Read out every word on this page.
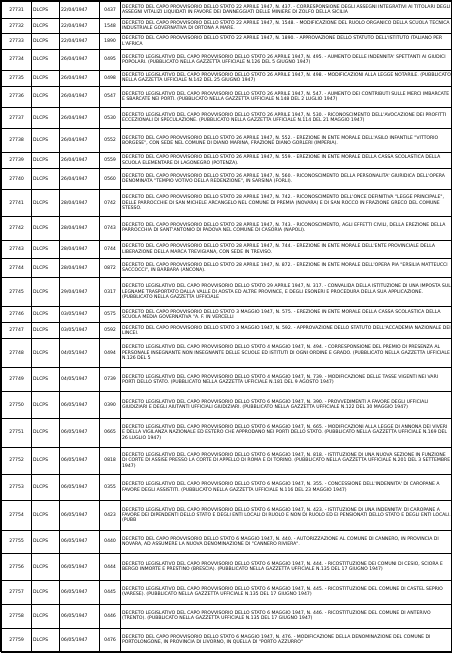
27731	DLCPS	22/04/1947	0437	DECRETO DEL CAPO PROVVISORIO DELLO STATO 22 APRILE 1947, N. 437. - CORRESPONSIONE DEGLI ASSEGNI INTEGRATIVI AI TITOLARI DEGLI ASSEGNI VITALIZI LIQUIDATI IN FAVORE DEI DANNEGGIATI DELLE MINIERE DI ZOLFO DELLA SICILIA
27732	DLCPS	22/04/1947	1548	DECRETO DEL CAPO PROVVISORIO DELLO STATO 22 APRILE 1947, N. 1548. - MODIFICAZIONE DEL RUOLO ORGANICO DELLA SCUOLA TECNICA INDUSTRIALE GOVERNATIVA DI ORTONA A MARE.
27733	DLCPS	22/04/1947	1890	DECRETO DEL CAPO PROVVISORIO DELLO STATO 22 APRILE 1947, N. 1890. - APPROVAZIONE DELLO STATUTO DELL'ISTITUTO ITALIANO PER L'AFRICA
27734	DLCPS	26/04/1947	0495	DECRETO LEGISLATIVO DEL CAPO PROVVISORIO DELLO STATO 26 APRILE 1947, N. 495. - AUMENTO DELLE INDENNITA' SPETTANTI AI GIUDICI POPOLARI. (PUBBLICATO NELLA GAZZETTA UFFICIALE N.126 DEL 5 GIUGNO 1947)
27735	DLCPS	26/04/1947	0498	DECRETO LEGISLATIVO DEL CAPO PROVVISORIO DELLO STATO 26 APRILE 1947, N. 498. - MODIFICAZIONI ALLA LEGGE NOTARILE. (PUBBLICATO NELLA GAZZETTA UFFICIALE N.142 DEL 25 GIUGNO 1947)
27736	DLCPS	26/04/1947	0547	DECRETO LEGISLATIVO DEL CAPO PROVVISORIO DELLO STATO 26 APRILE 1947, N. 547. - AUMENTO DEI CONTRIBUTI SULLE MERCI IMBARCATE E SBARCATE NEI PORTI. (PUBBLICATO NELLA GAZZETTA UFFICIALE N.148 DEL 2 LUGLIO 1947)
27737	DLCPS	26/04/1947	0530	DECRETO LEGISLATIVO DEL CAPO PROVVISORIO DELLO STATO 26 APRILE 1947, N. 530. - RICONOSCIMENTO DELL'AVOCAZIONE DEI PROFITTI ECCEZIONALI DI SPECULAZIONE. (PUBBLICATO NELLA GAZZETTA UFFICIALE N.114 DEL 21 MAGGIO 1947)
27738	DLCPS	26/04/1947	0552	DECRETO DEL CAPO PROVVISORIO DELLO STATO 26 APRILE 1947, N. 552. - EREZIONE IN ENTE MORALE DELL'ASILO INFANTILE "VITTORIO BORGESE", CON SEDE NEL COMUNE DI DIANO MARINA, FRAZIONE DIANO GORLERI (IMPERIA).
27739	DLCPS	26/04/1947	0559	DECRETO DEL CAPO PROVVISORIO DELLO STATO 26 APRILE 1947, N. 559. - EREZIONE IN ENTE MORALE DELLA CASSA SCOLASTICA DELLA SCUOLA ELEMENTARE DI LAGONEGRO (POTENZA).
27740	DLCPS	26/04/1947	0560	DECRETO DEL CAPO PROVVISORIO DELLO STATO 26 APRILE 1947, N. 560. - RICONOSCIMENTO DELLA PERSONALITA' GIURIDICA DELL'OPERA DENOMINATA "TEMPIO VOTIVO DELLA REDENZIONE", IN SARSINA (FORLI).
27741	DLCPS	28/04/1947	0742	DECRETO DEL CAPO PROVVISORIO DELLO STATO 28 APRILE 1947, N. 742. - RICONOSCIMENTO DELL'ONCE DEFINITIVA "LEGGE PRINCIPALE", DELLE PARROCCHIE DI SAN MICHELE ARCANGELO NEL COMUNE DI PREMIA (NOVARA) E DI SAN ROCCO IN FRAZIONE GRECO DEL COMUNE STESSO.
27742	DLCPS	28/04/1947	0743	DECRETO DEL CAPO PROVVISORIO DELLO STATO 28 APRILE 1947, N. 743. - RICONOSCIMENTO, AGLI EFFETTI CIVILI, DELLA EREZIONE DELLA PARROCCHIA DI SANT'ANTONIO DI PADOVA NEL COMUNE DI CASORIA (NAPOLI).
27743	DLCPS	28/04/1947	0744	DECRETO DEL CAPO PROVVISORIO DELLO STATO 28 APRILE 1947, N. 744. - EREZIONE IN ENTE MORALE DELL'ENTE PROVINCIALE DELLA LIBERAZIONE DELLA MARCA TREVIGIANA, CON SEDE IN TREVISO.
27744	DLCPS	28/04/1947	0872	DECRETO DEL CAPO PROVVISORIO DELLO STATO 28 APRILE 1947, N. 872. - EREZIONE IN ENTE MORALE DELL'OPERA PIA "ERSILIA MATTEUCCI SACCOCCI", IN BARBARA (ANCONA).
27745	DLCPS	29/04/1947	0317	DECRETO LEGISLATIVO DEL CAPO PROVVISORIO DELLO STATO 29 APRILE 1947, N. 317. - CONVALIDA DELLA ISTITUZIONE DI UNA IMPOSTA SUL LEGNAME TRASPORTATO DALLA VALLE DI AOSTA ED ALTRE PROVINCE, E DEGLI ESONERI E PROCEDURA DELLA SUA APPLICAZIONE. (PUBBLICATO NELLA GAZZETTA UFFICIALE
27746	DLCPS	03/05/1947	0575	DECRETO DEL CAPO PROVVISORIO DELLO STATO 3 MAGGIO 1947, N. 575. - EREZIONE IN ENTE MORALE DELLA CASSA SCOLASTICA DELLA SCUOLA MEDIA GOVERNATIVA "A. F. IN VERCELLI
27747	DLCPS	03/05/1947	0592	DECRETO DEL CAPO PROVVISORIO DELLO STATO 3 MAGGIO 1947, N. 592. - APPROVAZIONE DELLO STATUTO DELL'ACCADEMIA NAZIONALE DEI LINCEI.
27748	DLCPS	04/05/1947	0494	DECRETO LEGISLATIVO DEL CAPO PROVVISORIO DELLO STATO 4 MAGGIO 1947, N. 494. - CORRESPONSIONE DEL PREMIO DI PRESENZA AL PERSONALE INSEGNANTE NON INSEGNANTE DELLE SCUOLE ED ISTITUTI DI OGNI ORDINE E GRADO. (PUBBLICATO NELLA GAZZETTA UFFICIALE N.126 DEL 5
27749	DLCPS	04/05/1947	0739	DECRETO LEGISLATIVO DEL CAPO PROVVISORIO DELLO STATO 4 MAGGIO 1947, N. 739. - MODIFICAZIONE DELLE TASSE VIGENTI NEI VARI PORTI DELLO STATO. (PUBBLICATO NELLA GAZZETTA UFFICIALE N.181 DEL 9 AGOSTO 1947)
27750	DLCPS	06/05/1947	0390	DECRETO LEGISLATIVO DEL CAPO PROVVISORIO DELLO STATO 6 MAGGIO 1947, N. 390. - PROVVEDIMENTI A FAVORE DEGLI UFFICIALI GIUDIZIARI E DEGLI AIUTANTI UFFICIALI GIUDIZIARI. (PUBBLICATO NELLA GAZZETTA UFFICIALE N.122 DEL 30 MAGGIO 1947)
27751	DLCPS	06/05/1947	0665	DECRETO LEGISLATIVO DEL CAPO PROVVISORIO DELLO STATO 6 MAGGIO 1947, N. 665. - MODIFICAZIONI ALLA LEGGE DI ANNONA DEI VIVERI E DELLA VIGILANZA NAZIONALE ED ESTERO CHE APPRODANO NEI PORTI DELLO STATO. (PUBBLICATO NELLA GAZZETTA UFFICIALE N.169 DEL 26 LUGLIO 1947)
27752	DLCPS	06/05/1947	0818	DECRETO LEGISLATIVO DEL CAPO PROVVISORIO DELLO STATO 6 MAGGIO 1947, N. 818. - ISTITUZIONE DI UNA NUOVA SEZIONE IN FUNZIONE DI CORTE DI ASSISE PRESSO LA CORTE DI APPELLO DI ROMA E DI TORINO. (PUBBLICATO NELLA GAZZETTA UFFICIALE N.201 DEL 3 SETTEMBRE 1947)
27753	DLCPS	06/05/1947	0355	DECRETO LEGISLATIVO DEL CAPO PROVVISORIO DELLO STATO 6 MAGGIO 1947, N. 355. - CONCESSIONE DELL'INDENNITA' DI CAROPANE A FAVORE DEGLI ASSISTITI. (PUBBLICATO NELLA GAZZETTA UFFICIALE N.116 DEL 23 MAGGIO 1947)
27754	DLCPS	06/05/1947	0423	DECRETO LEGISLATIVO DEL CAPO PROVVISORIO DELLO STATO 6 MAGGIO 1947, N. 423. - ISTITUZIONE DI UNA INDENNITA' DI CAROPANE A FAVORE DEI DIPENDENTI DELLO STATO E DEGLI ENTI LOCALI DI RUOLO E NON DI RUOLO ED EI PENSIONATI DELLO STATO E DEGLI ENTI LOCALI. (PUBB
27755	DLCPS	06/05/1947	0440	DECRETO DEL CAPO PROVVISORIO DELLO STATO 6 MAGGIO 1947, N. 440. - AUTORIZZAZIONE AL COMUNE DI CANNERO, IN PROVINCIA DI NOVARA, AD ASSUMERE LA NUOVA DENOMINAZIONE DI "CANNERO RIVIERA".
27756	DLCPS	06/05/1947	0444	DECRETO LEGISLATIVO DEL CAPO PROVVISORIO DELLO STATO 6 MAGGIO 1947, N. 444. - RICOSTITUZIONE DEI COMUNI DI CESIO, SCIORA E BERGO INMORTE E PRESTINO (BRESCIA). (PUBBLICATO NELLA GAZZETTA UFFICIALE N.135 DEL 17 GIUGNO 1947)
27757	DLCPS	06/05/1947	0445	DECRETO LEGISLATIVO DEL CAPO PROVVISORIO DELLO STATO 6 MAGGIO 1947, N. 445. - RICOSTITUZIONE DEL COMUNE DI CASTEL SEPRIO (VARESE). (PUBBLICATO NELLA GAZZETTA UFFICIALE N.135 DEL 17 GIUGNO 1947)
27758	DLCPS	06/05/1947	0446	DECRETO LEGISLATIVO DEL CAPO PROVVISORIO DELLO STATO 6 MAGGIO 1947, N. 446. - RICOSTITUZIONE DEL COMUNE DI ANTERIVO (TRENTO). (PUBBLICATO NELLA GAZZETTA UFFICIALE N.135 DEL 17 GIUGNO 1947)
27759	DLCPS	06/05/1947	0476	DECRETO DEL CAPO PROVVISORIO DELLO STATO 6 MAGGIO 1947, N. 476. - MODIFICAZIONE DELLA DENOMINAZIONE DEL COMUNE DI PORTOLONGONE, IN PROVINCIA DI LIVORNO, IN QUELLA DI "PORTO AZZURRO"
